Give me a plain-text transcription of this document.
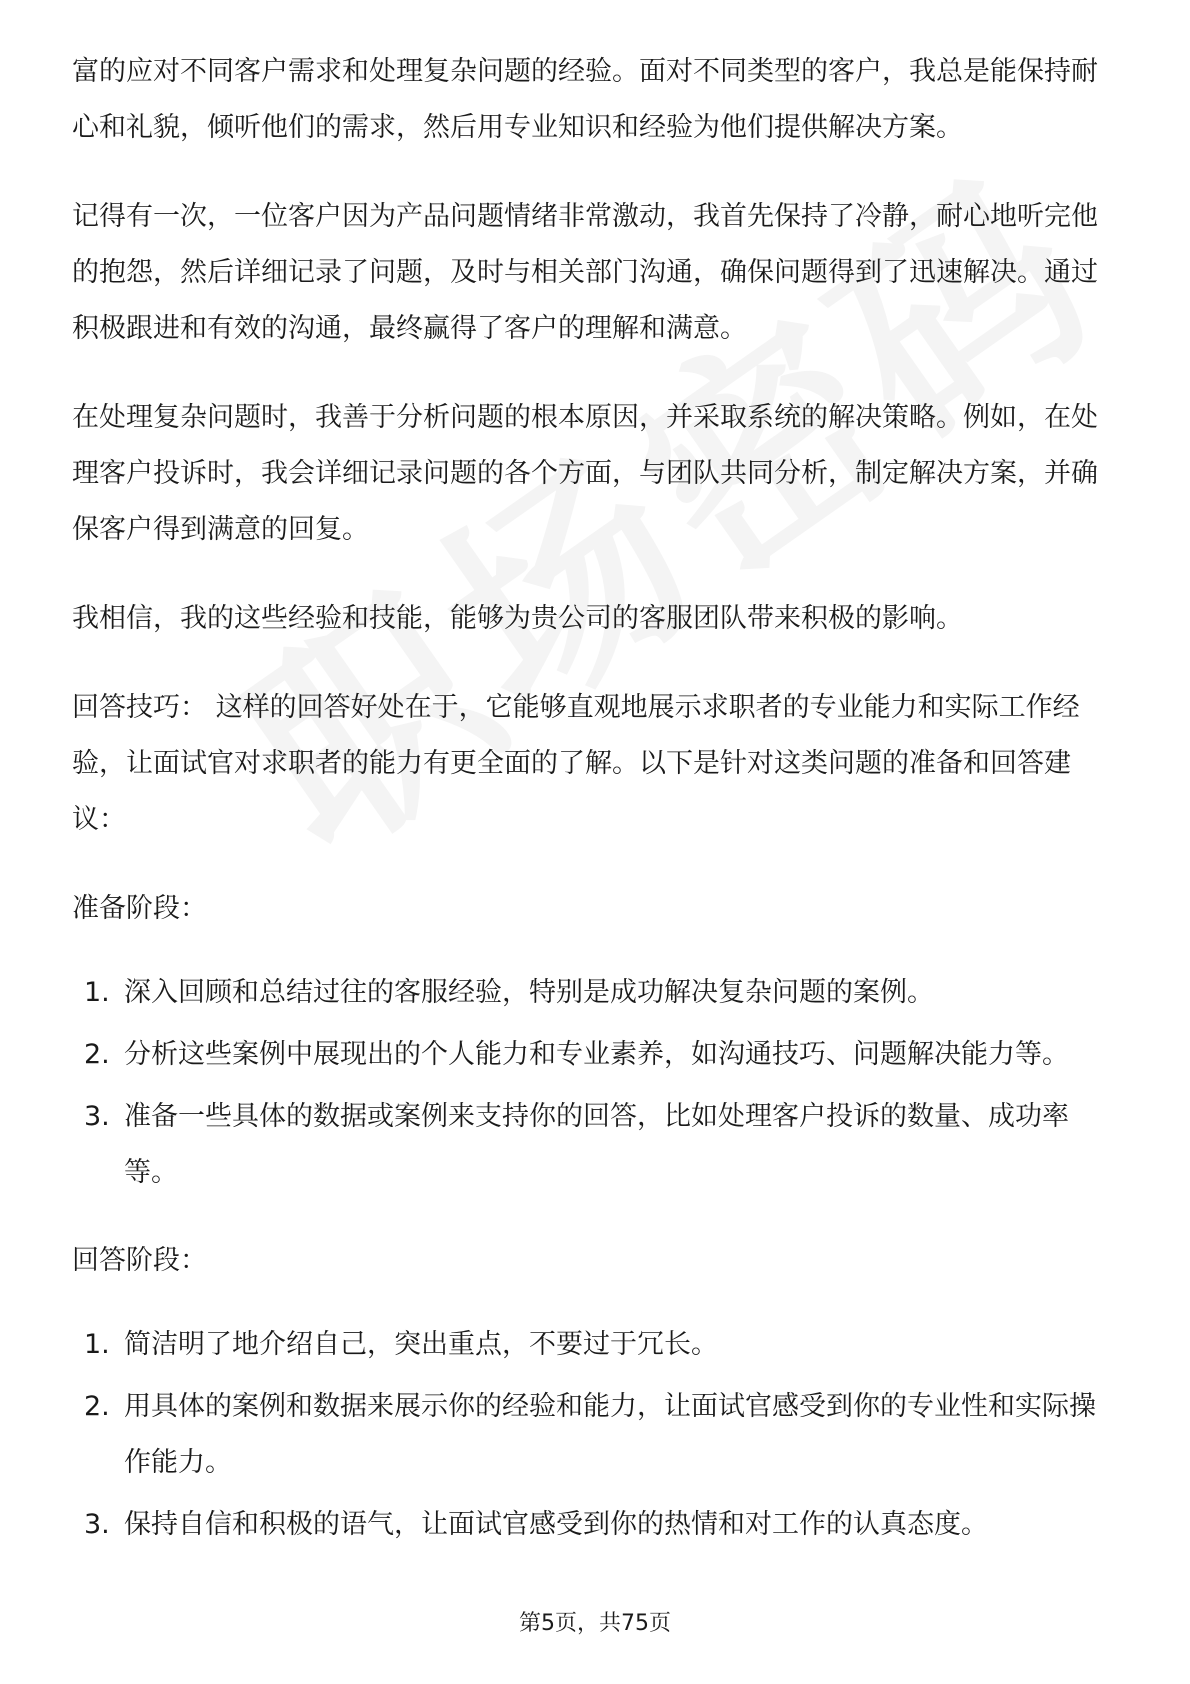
富的应对不同客户需求和处理复杂问题的经验。面对不同类型的客户，我总是能保持耐心和礼貌，倾听他们的需求，然后用专业知识和经验为他们提供解决方案。

记得有一次，一位客户因为产品问题情绪非常激动，我首先保持了冷静，耐心地听完他的抱怨，然后详细记录了问题，及时与相关部门沟通，确保问题得到了迅速解决。通过积极跟进和有效的沟通，最终赢得了客户的理解和满意。

在处理复杂问题时，我善于分析问题的根本原因，并采取系统的解决策略。例如，在处理客户投诉时，我会详细记录问题的各个方面，与团队共同分析，制定解决方案，并确保客户得到满意的回复。

我相信，我的这些经验和技能，能够为贵公司的客服团队带来积极的影响。

回答技巧： 这样的回答好处在于，它能够直观地展示求职者的专业能力和实际工作经验，让面试官对求职者的能力有更全面的了解。以下是针对这类问题的准备和回答建议：

准备阶段：

1. 深入回顾和总结过往的客服经验，特别是成功解决复杂问题的案例。
2. 分析这些案例中展现出的个人能力和专业素养，如沟通技巧、问题解决能力等。
3. 准备一些具体的数据或案例来支持你的回答，比如处理客户投诉的数量、成功率等。

回答阶段：

1. 简洁明了地介绍自己，突出重点，不要过于冗长。
2. 用具体的案例和数据来展示你的经验和能力，让面试官感受到你的专业性和实际操作能力。
3. 保持自信和积极的语气，让面试官感受到你的热情和对工作的认真态度。
第5页，共75页
